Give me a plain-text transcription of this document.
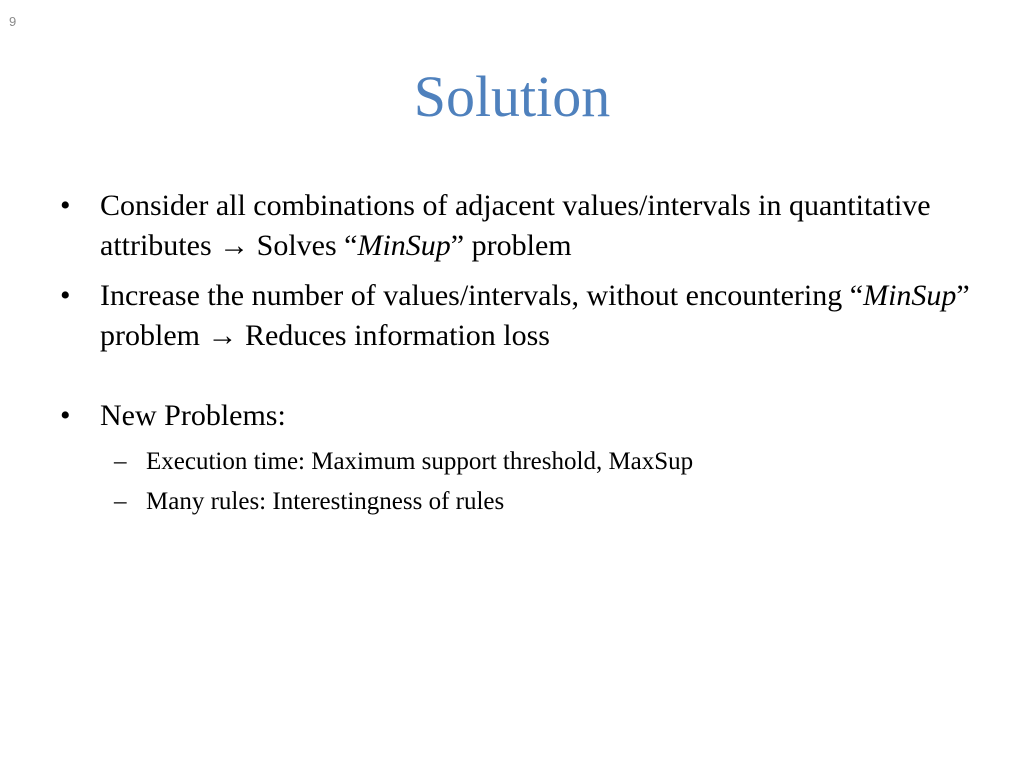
9
Solution
• Consider all combinations of adjacent values/intervals in quantitative attributes → Solves “MinSup” problem
• Increase the number of values/intervals, without encountering “MinSup” problem → Reduces information loss
• New Problems:
– Execution time: Maximum support threshold, MaxSup
– Many rules: Interestingness of rules
